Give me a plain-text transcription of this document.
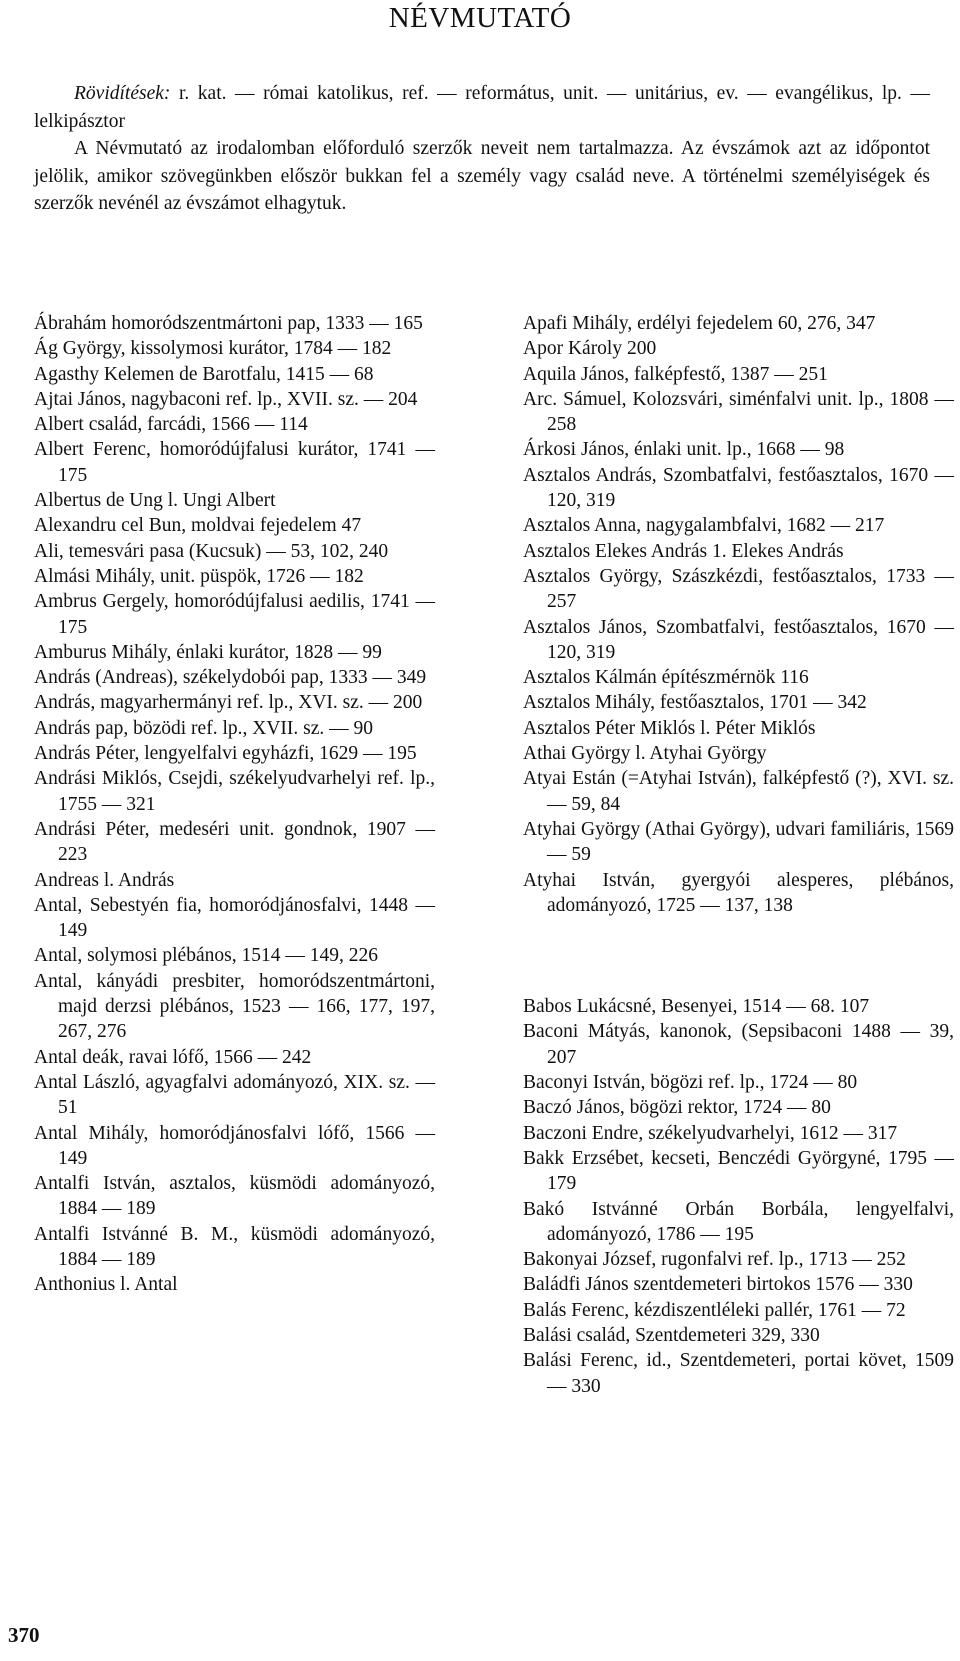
NÉVMUTATÓ

Rövidítések: r. kat. — római katolikus, ref. — református, unit. — unitárius, ev. — evangélikus, lp. — lelkipásztor

A Névmutató az irodalomban előforduló szerzők neveit nem tartalmazza. Az évszámok azt az időpontot jelölik, amikor szövegünkben először bukkan fel a személy vagy család neve. A történelmi személyiségek és szerzők nevénél az évszámot elhagytuk.

Ábrahám homoródszentmártoni pap, 1333 — 165
Ág György, kissolymosi kurátor, 1784 — 182
Agasthy Kelemen de Barotfalu, 1415 — 68
Ajtai János, nagybaconi ref. lp., XVII. sz. — 204
Albert család, farcádi, 1566 — 114
Albert Ferenc, homoródújfalusi kurátor, 1741 — 175
Albertus de Ung l. Ungi Albert
Alexandru cel Bun, moldvai fejedelem 47
Ali, temesvári pasa (Kucsuk) — 53, 102, 240
Almási Mihály, unit. püspök, 1726 — 182
Ambrus Gergely, homoródújfalusi aedilis, 1741 — 175
Amburus Mihály, énlaki kurátor, 1828 — 99
András (Andreas), székelydobói pap, 1333 — 349
András, magyarhermányi ref. lp., XVI. sz. — 200
András pap, bözödi ref. lp., XVII. sz. — 90
András Péter, lengyelfalvi egyházfi, 1629 — 195
Andrási Miklós, Csejdi, székelyudvarhelyi ref. lp., 1755 — 321
Andrási Péter, medeséri unit. gondnok, 1907 — 223
Andreas l. András
Antal, Sebestyén fia, homoródjánosfalvi, 1448 — 149
Antal, solymosi plébános, 1514 — 149, 226
Antal, kányádi presbiter, homoródszentmártoni, majd derzsi plébános, 1523 — 166, 177, 197, 267, 276
Antal deák, ravai lófő, 1566 — 242
Antal László, agyagfalvi adományozó, XIX. sz. — 51
Antal Mihály, homoródjánosfalvi lófő, 1566 — 149
Antalfi István, asztalos, küsmödi adományozó, 1884 — 189
Antalfi Istvánné B. M., küsmödi adományozó, 1884 — 189
Anthonius l. Antal
Apafi Mihály, erdélyi fejedelem 60, 276, 347
Apor Károly 200
Aquila János, falképfestő, 1387 — 251
Arc. Sámuel, Kolozsvári, siménfalvi unit. lp., 1808 — 258
Árkosi János, énlaki unit. lp., 1668 — 98
Asztalos András, Szombatfalvi, festőasztalos, 1670 — 120, 319
Asztalos Anna, nagygalambfalvi, 1682 — 217
Asztalos Elekes András 1. Elekes András
Asztalos György, Szászkézdi, festőasztalos, 1733 — 257
Asztalos János, Szombatfalvi, festőasztalos, 1670 — 120, 319
Asztalos Kálmán építészmérnök 116
Asztalos Mihály, festőasztalos, 1701 — 342
Asztalos Péter Miklós l. Péter Miklós
Athai György l. Atyhai György
Atyai Están (=Atyhai István), falképfestő (?), XVI. sz. — 59, 84
Atyhai György (Athai György), udvari familiáris, 1569 — 59
Atyhai István, gyergyói alesperes, plébános, adományozó, 1725 — 137, 138
Babos Lukácsné, Besenyei, 1514 — 68. 107
Baconi Mátyás, kanonok, (Sepsibaconi 1488 — 39, 207
Baconyi István, bögözi ref. lp., 1724 — 80
Baczó János, bögözi rektor, 1724 — 80
Baczoni Endre, székelyudvarhelyi, 1612 — 317
Bakk Erzsébet, kecseti, Benczédi Györgyné, 1795 — 179
Bakó Istvánné Orbán Borbála, lengyelfalvi, adományozó, 1786 — 195
Bakonyai József, rugonfalvi ref. lp., 1713 — 252
Baládfi János szentdemeteri birtokos 1576 — 330
Balás Ferenc, kézdiszentléleki pallér, 1761 — 72
Balási család, Szentdemeteri 329, 330
Balási Ferenc, id., Szentdemeteri, portai követ, 1509 — 330
370
